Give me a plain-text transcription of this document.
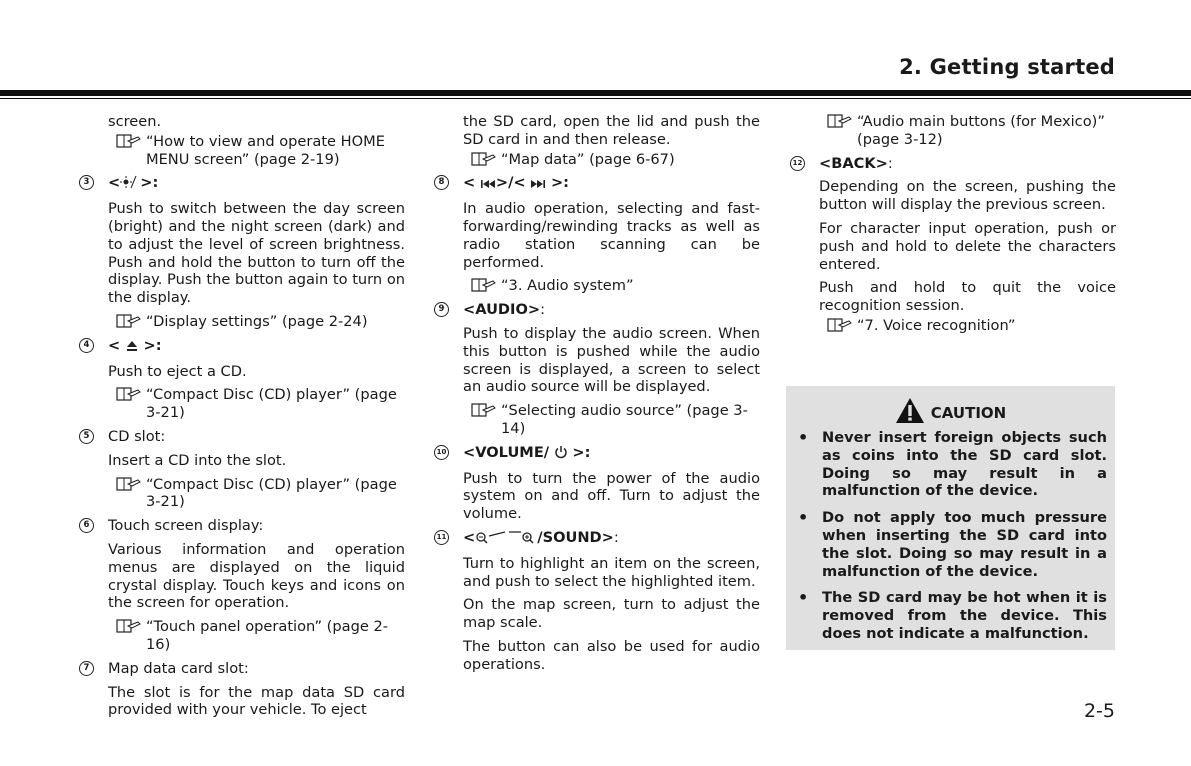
2. Getting started

screen.

“How to view and operate HOME MENU screen” (page 2-19)
3	< >:

Push to switch between the day screen (bright) and the night screen (dark) and to adjust the level of screen brightness. Push and hold the button to turn off the display. Push the button again to turn on the display.

“Display settings” (page 2-24)
4	< >:

Push to eject a CD.

“Compact Disc (CD) player” (page 3-21)
5	CD slot:

Insert a CD into the slot.

“Compact Disc (CD) player” (page 3-21)
6	Touch screen display:

Various information and operation menus are displayed on the liquid crystal display. Touch keys and icons on the screen for operation.

“Touch panel operation” (page 2-16)
7	Map data card slot:

The slot is for the map data SD card provided with your vehicle. To eject

the SD card, open the lid and push the SD card in and then release.

“Map data” (page 6-67)
8	< >/< >:

In audio operation, selecting and fast-forwarding/rewinding tracks as well as radio station scanning can be performed.

“3. Audio system”
9	<AUDIO>:

Push to display the audio screen. When this button is pushed while the audio screen is displayed, a screen to select an audio source will be displayed.

“Selecting audio source” (page 3-14)
10 <VOLUME/ >:

Push to turn the power of the audio system on and off. Turn to adjust the volume.

11 <	/SOUND>:

Turn to highlight an item on the screen, and push to select the highlighted item.

On the map screen, turn to adjust the map scale.

The button can also be used for audio operations.

“Audio main buttons (for Mexico)” (page 3-12)
12 <BACK>:

Depending on the screen, pushing the button will display the previous screen.

For character input operation, push or push and hold to delete the characters entered.

Push and hold to quit the voice recognition session.

“7. Voice recognition”
CAUTION
• Never insert foreign objects such as coins into the SD card slot. Doing so may result in a malfunction of the device.
• Do not apply too much pressure when inserting the SD card into the slot. Doing so may result in a malfunction of the device.
• The SD card may be hot when it is removed from the device. This does not indicate a malfunction.
2-5
